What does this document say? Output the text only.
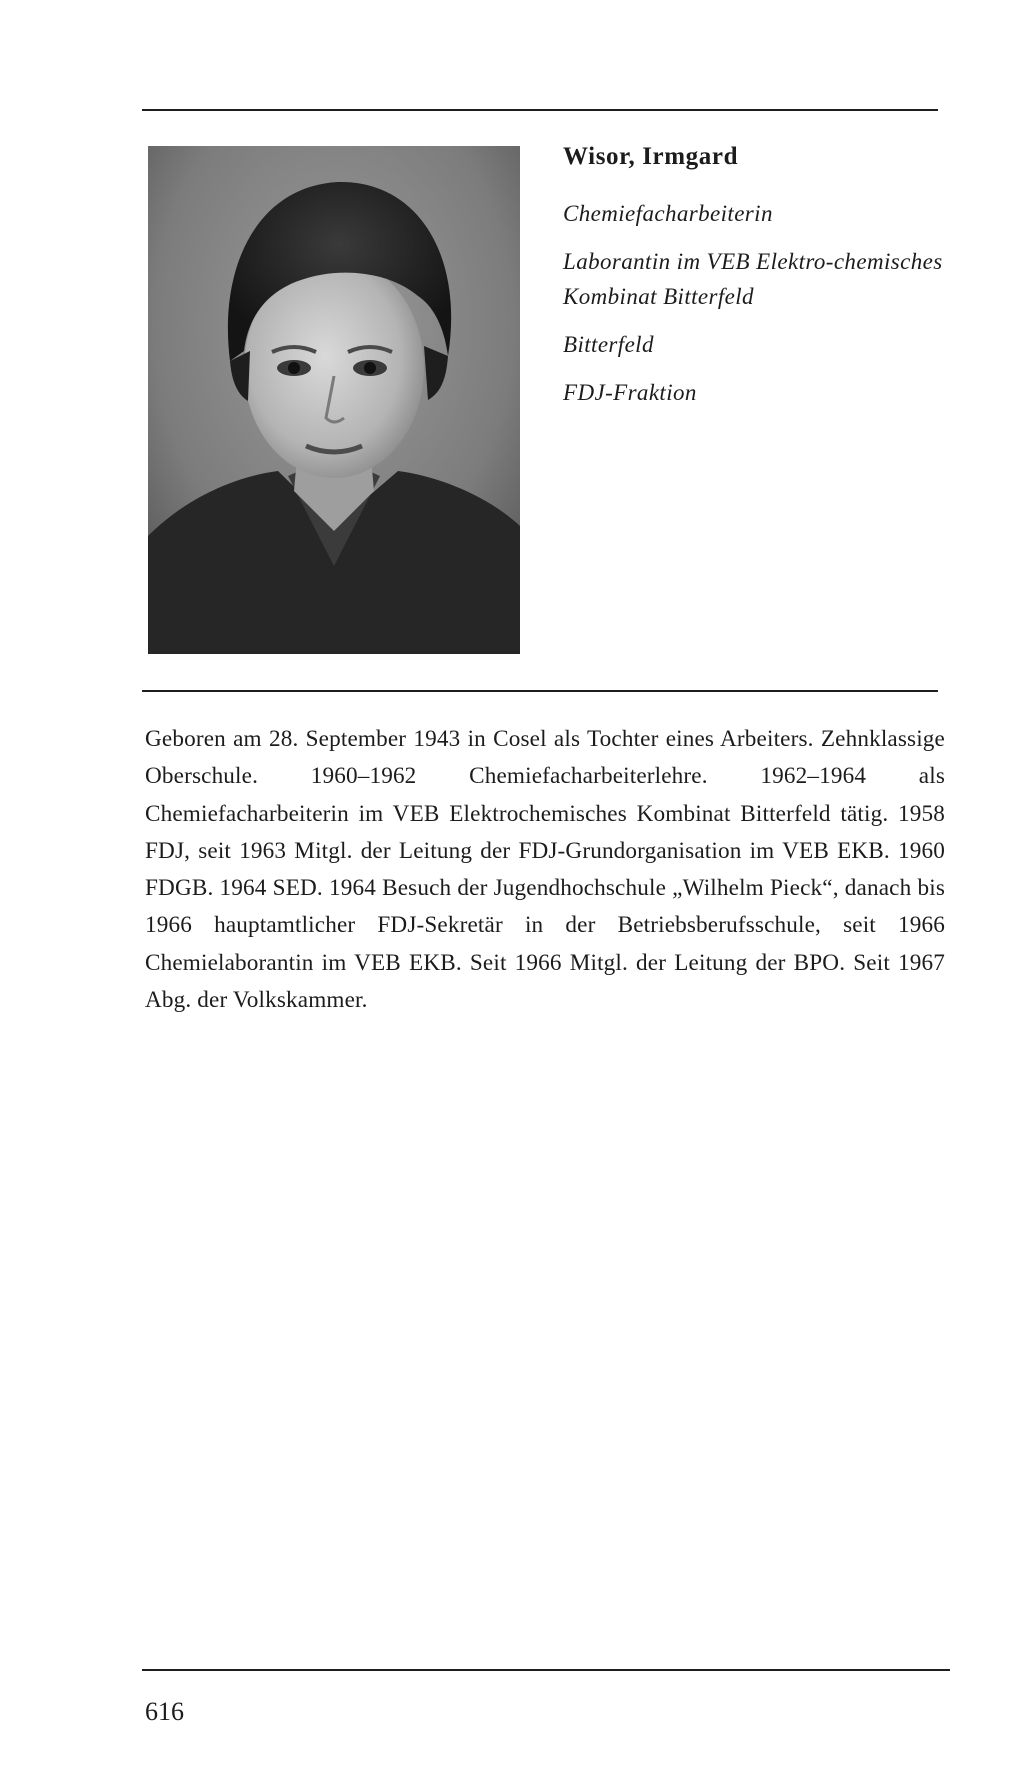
Wisor, Irmgard
Chemiefacharbeiterin
Laborantin im VEB Elektro-chemisches Kombinat Bitterfeld
Bitterfeld
FDJ-Fraktion

Geboren am 28. September 1943 in Cosel als Tochter eines Arbeiters. Zehnklassige Oberschule. 1960–1962 Chemiefacharbeiterlehre. 1962–1964 als Chemiefacharbeiterin im VEB Elektrochemisches Kombinat Bitterfeld tätig. 1958 FDJ, seit 1963 Mitgl. der Leitung der FDJ-Grundorganisation im VEB EKB. 1960 FDGB. 1964 SED. 1964 Besuch der Jugendhochschule „Wilhelm Pieck“, danach bis 1966 hauptamtlicher FDJ-Sekretär in der Betriebsberufsschule, seit 1966 Chemielaborantin im VEB EKB. Seit 1966 Mitgl. der Leitung der BPO. Seit 1967 Abg. der Volkskammer.

616
